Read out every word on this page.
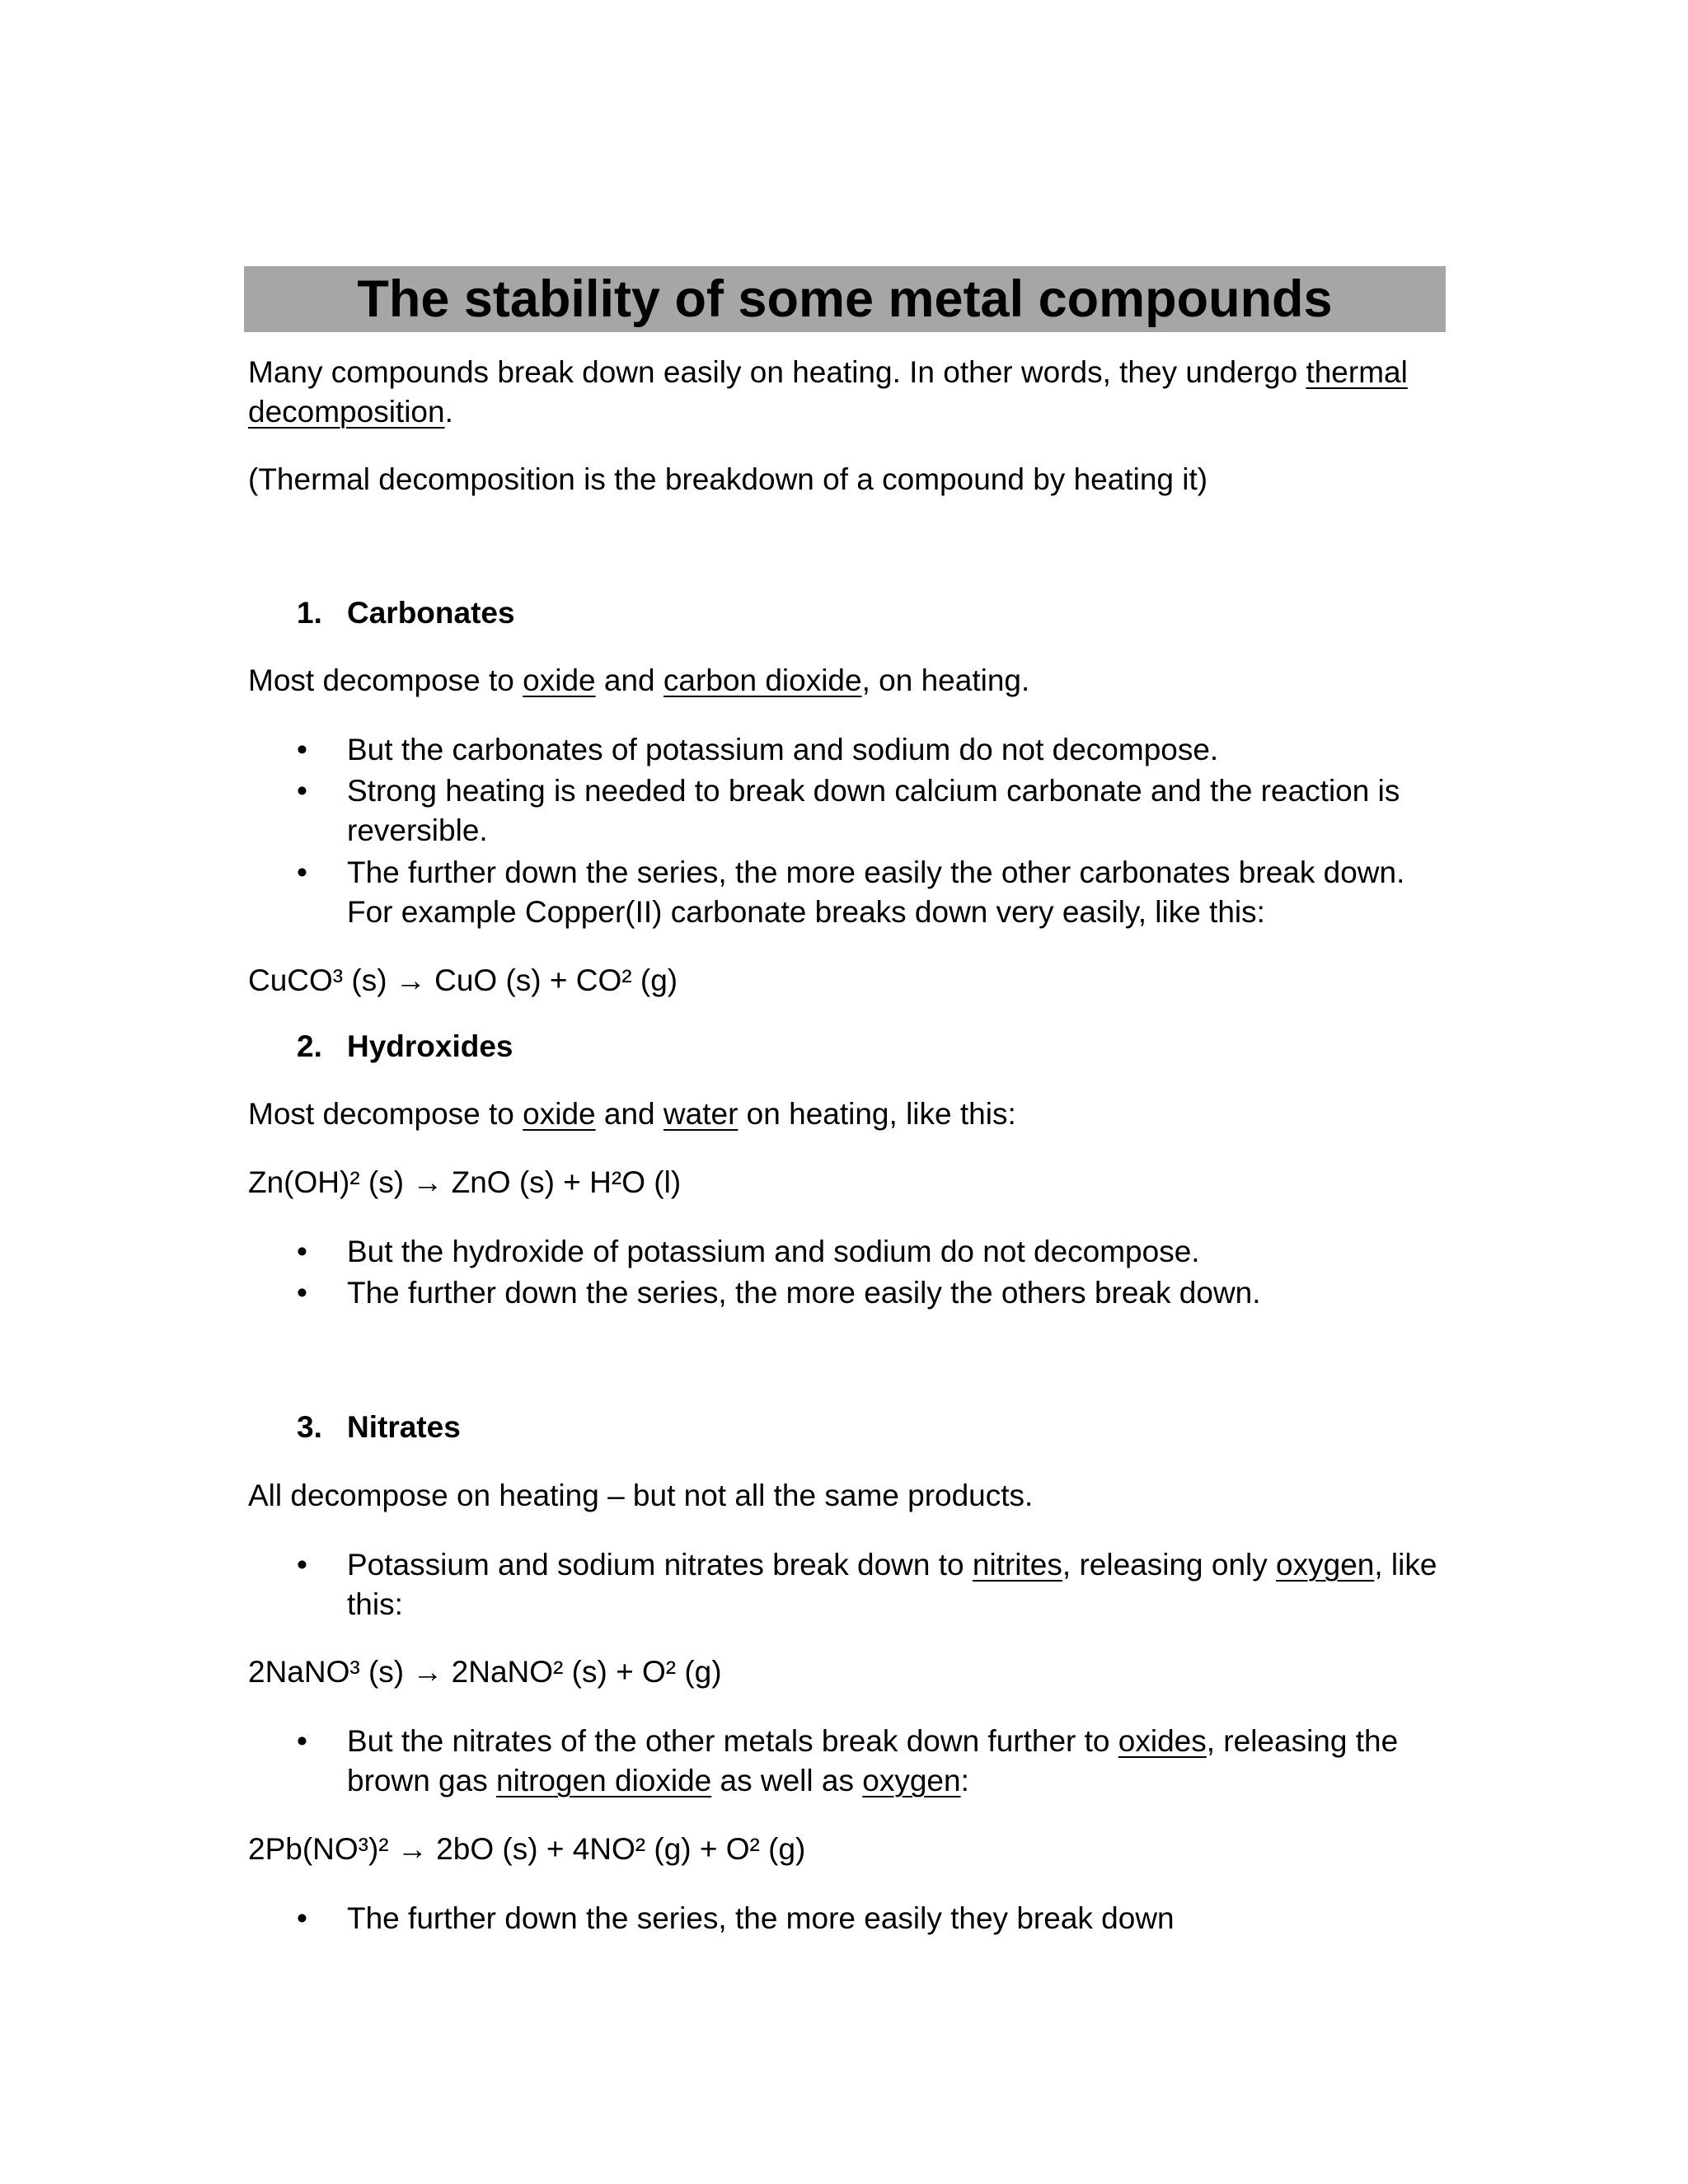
The stability of some metal compounds
Many compounds break down easily on heating. In other words, they undergo thermal
decomposition.
(Thermal decomposition is the breakdown of a compound by heating it)
1. Carbonates
Most decompose to oxide and carbon dioxide, on heating.
• But the carbonates of potassium and sodium do not decompose.
• Strong heating is needed to break down calcium carbonate and the reaction is
reversible.
• The further down the series, the more easily the other carbonates break down.
For example Copper(II) carbonate breaks down very easily, like this:
CuCO³ (s) → CuO (s) + CO² (g)
2. Hydroxides
Most decompose to oxide and water on heating, like this:
Zn(OH)² (s) → ZnO (s) + H²O (l)
• But the hydroxide of potassium and sodium do not decompose.
• The further down the series, the more easily the others break down.
3. Nitrates
All decompose on heating – but not all the same products.
• Potassium and sodium nitrates break down to nitrites, releasing only oxygen, like
this:
2NaNO³ (s) → 2NaNO² (s) + O² (g)
• But the nitrates of the other metals break down further to oxides, releasing the
brown gas nitrogen dioxide as well as oxygen:
2Pb(NO³)² → 2bO (s) + 4NO² (g) + O² (g)
• The further down the series, the more easily they break down
